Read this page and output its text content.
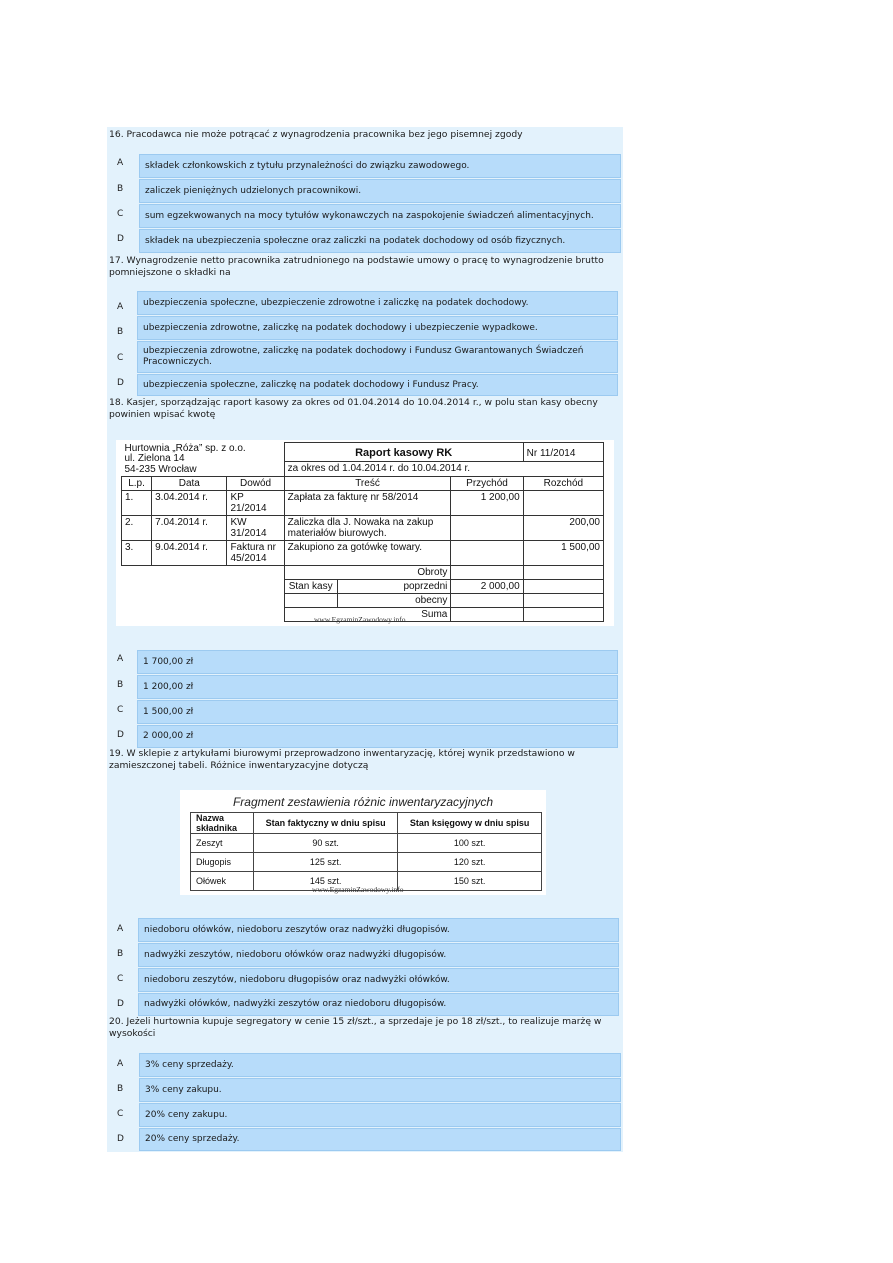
16. Pracodawca nie może potrącać z wynagrodzenia pracownika bez jego pisemnej zgody
A	składek członkowskich z tytułu przynależności do związku zawodowego.
B	zaliczek pieniężnych udzielonych pracownikowi.
C	sum egzekwowanych na mocy tytułów wykonawczych na zaspokojenie świadczeń alimentacyjnych.
D	składek na ubezpieczenia społeczne oraz zaliczki na podatek dochodowy od osób fizycznych.
17. Wynagrodzenie netto pracownika zatrudnionego na podstawie umowy o pracę to wynagrodzenie brutto pomniejszone o składki na
A	ubezpieczenia społeczne, ubezpieczenie zdrowotne i zaliczkę na podatek dochodowy.
B	ubezpieczenia zdrowotne, zaliczkę na podatek dochodowy i ubezpieczenie wypadkowe.
C
ubezpieczenia zdrowotne, zaliczkę na podatek dochodowy i Fundusz Gwarantowanych Świadczeń Pracowniczych.
D	ubezpieczenia społeczne, zaliczkę na podatek dochodowy i Fundusz Pracy.
18. Kasjer, sporządzając raport kasowy za okres od 01.04.2014 do 10.04.2014 r., w polu stan kasy obecny powinien wpisać kwotę
Hurtownia „Róża” sp. z o.o.
ul. Zielona 14
54-235 Wrocław			Raport kasowy RK		Nr 11/2014
			za okres od 1.04.2014 r. do 10.04.2014 r.		
L.p.	Data	Dowód	Treść	Przychód	Rozchód
1.	3.04.2014 r.	KP 21/2014	Zapłata za fakturę nr 58/2014	1 200,00	
2.	7.04.2014 r.	KW 31/2014	Zaliczka dla J. Nowaka na zakup materiałów biurowych.		200,00
3.	9.04.2014 r.	Faktura nr 45/2014	Zakupiono za gotówkę towary.		1 500,00
			Obroty		

			Stan kasy poprzedni	2 000,00	

			obecny		

			Suma		
www.EgzaminZawodowy.info
A	1 700,00 zł
B	1 200,00 zł
C	1 500,00 zł
D	2 000,00 zł
19. W sklepie z artykułami biurowymi przeprowadzono inwentaryzację, której wynik przedstawiono w zamieszczonej tabeli. Różnice inwentaryzacyjne dotyczą
Fragment zestawienia różnic inwentaryzacyjnych
Nazwa składnika	Stan faktyczny w dniu spisu	Stan księgowy w dniu spisu
Zeszyt	90 szt.	100 szt.
Długopis	125 szt.	120 szt.
Ołówek	145 szt.	150 szt.
www.EgzaminZawodowy.info
A	niedoboru ołówków, niedoboru zeszytów oraz nadwyżki długopisów.
B	nadwyżki zeszytów, niedoboru ołówków oraz nadwyżki długopisów.
C	niedoboru zeszytów, niedoboru długopisów oraz nadwyżki ołówków.
D	nadwyżki ołówków, nadwyżki zeszytów oraz niedoboru długopisów.
20. Jeżeli hurtownia kupuje segregatory w cenie 15 zł/szt., a sprzedaje je po 18 zł/szt., to realizuje marżę w wysokości
A	3% ceny sprzedaży.
B	3% ceny zakupu.
C	20% ceny zakupu.
D	20% ceny sprzedaży.
